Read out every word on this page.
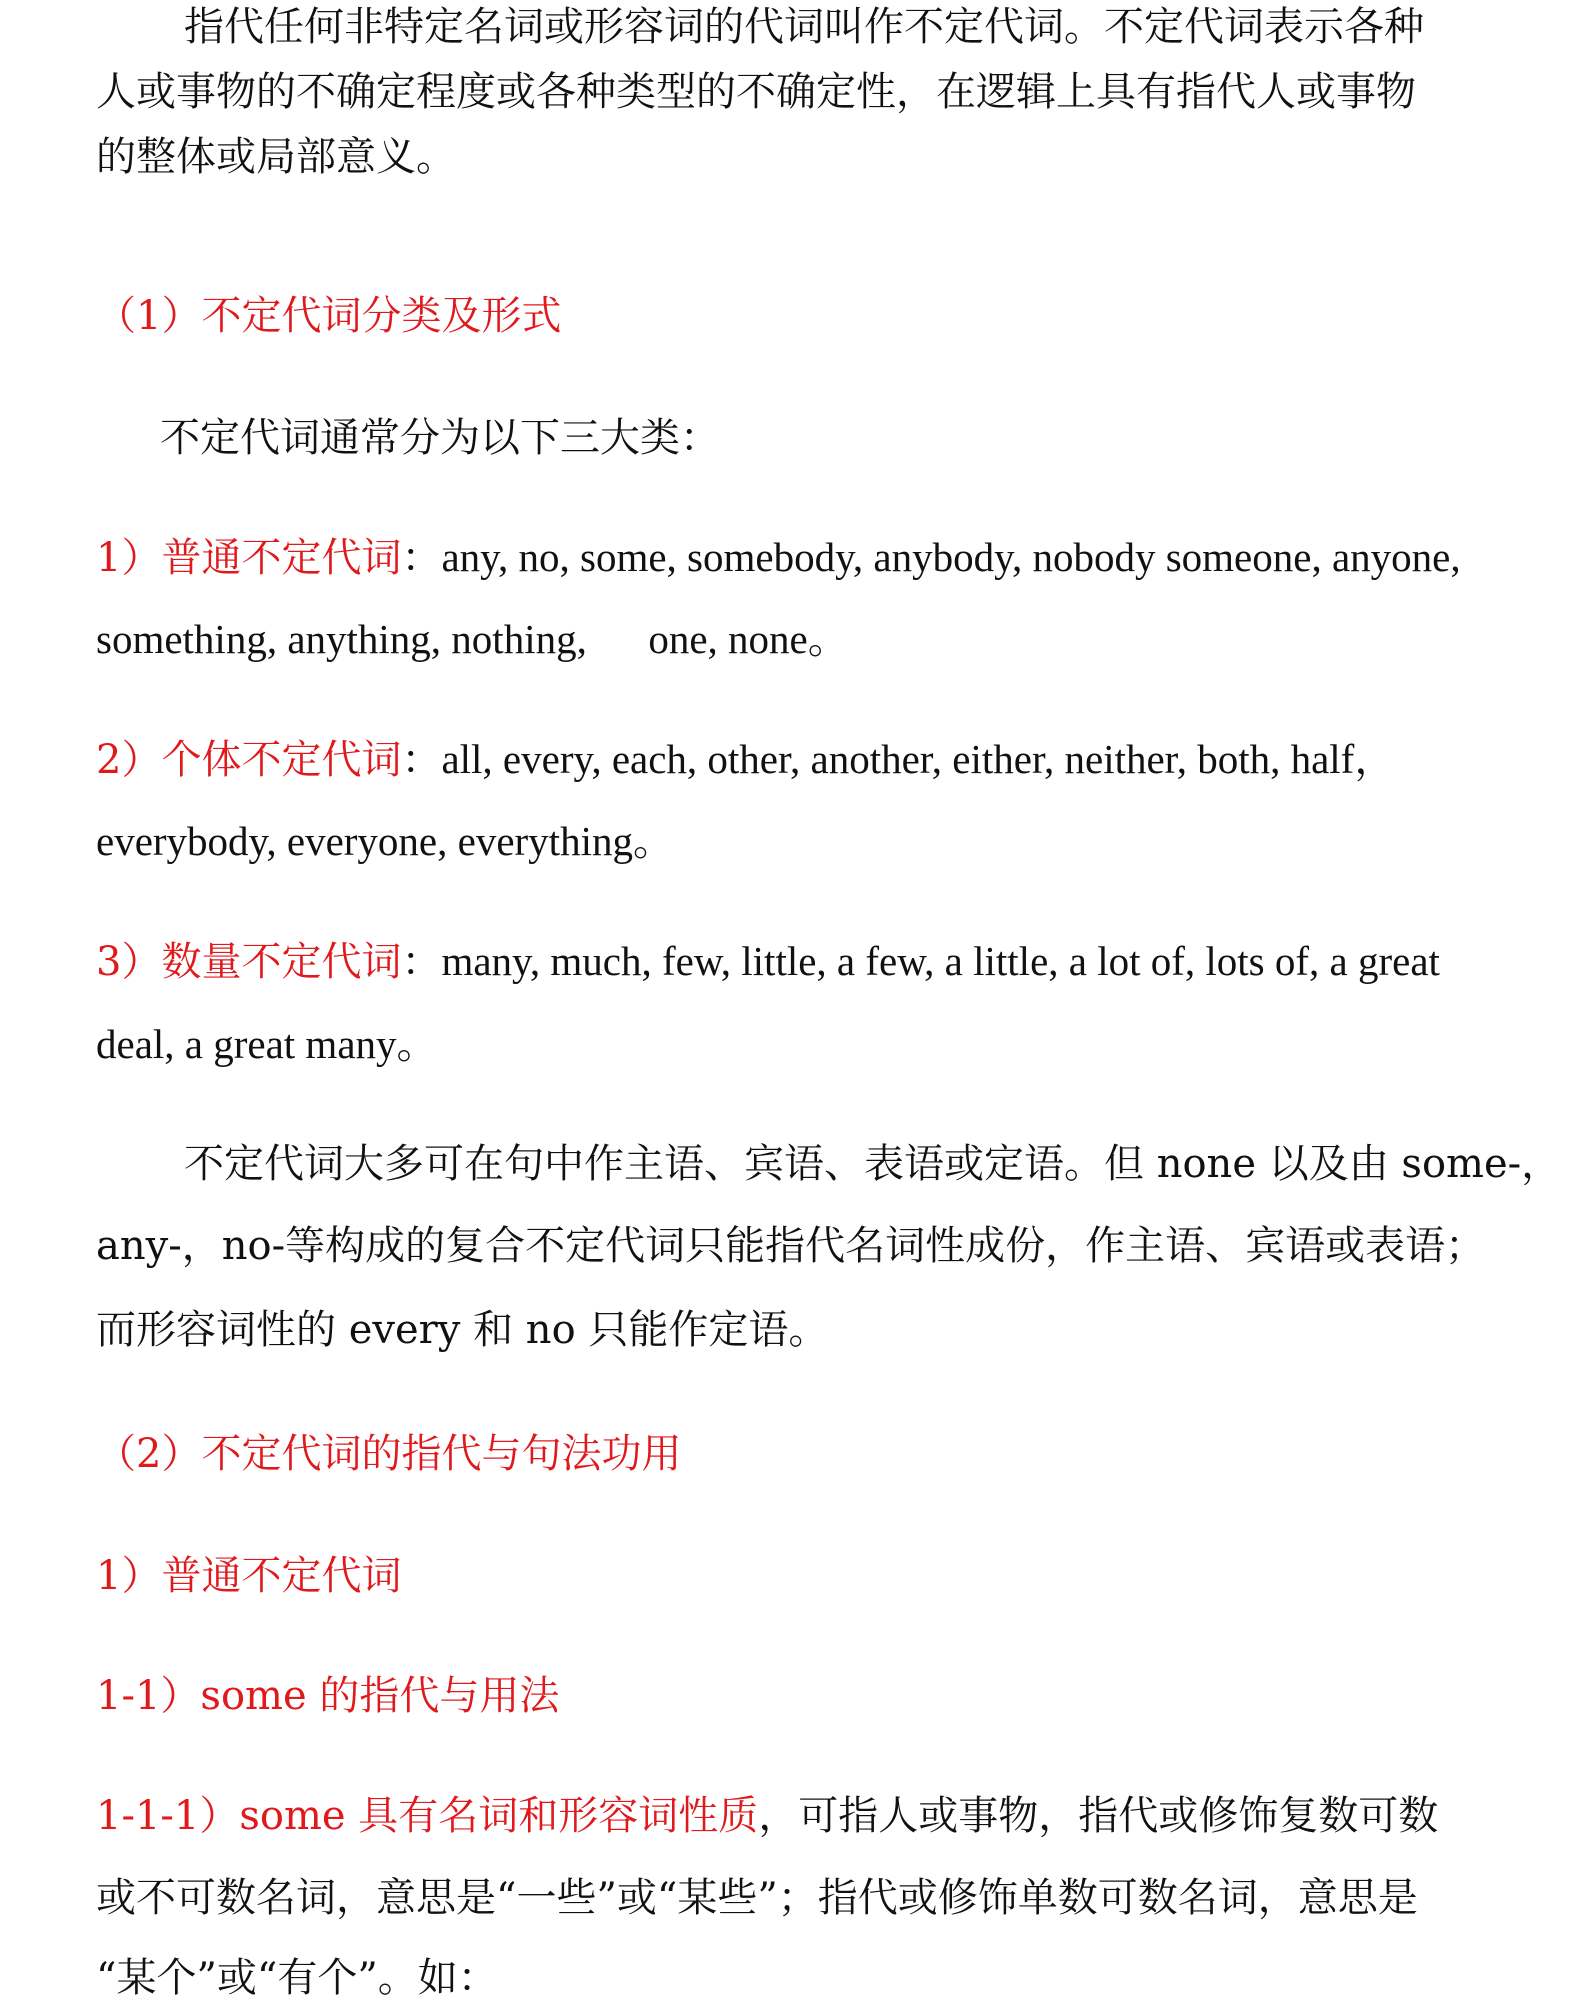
指代任何非特定名词或形容词的代词叫作不定代词。不定代词表示各种
人或事物的不确定程度或各种类型的不确定性，在逻辑上具有指代人或事物
的整体或局部意义。
（1）不定代词分类及形式
不定代词通常分为以下三大类：
1）普通不定代词：any, no, some, somebody, anybody, nobody someone, anyone,
something, anything, nothing,      one, none。
2）个体不定代词：all, every, each, other, another, either, neither, both, half，
everybody, everyone, everything。
3）数量不定代词：many, much, few, little, a few, a little, a lot of, lots of, a great
deal, a great many。
不定代词大多可在句中作主语、宾语、表语或定语。但 none 以及由 some-，
any-，no-等构成的复合不定代词只能指代名词性成份，作主语、宾语或表语；
而形容词性的 every 和 no 只能作定语。
（2）不定代词的指代与句法功用
1）普通不定代词
1-1）some 的指代与用法
1-1-1）some 具有名词和形容词性质，可指人或事物，指代或修饰复数可数
或不可数名词，意思是“一些”或“某些”；指代或修饰单数可数名词，意思是
“某个”或“有个”。如：
